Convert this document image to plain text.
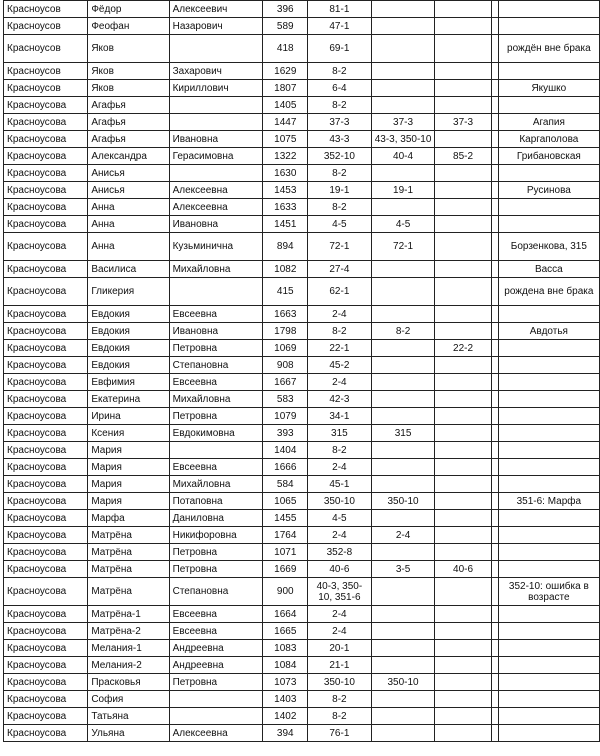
Красноусов	Фёдор	Алексеевич	396	81-1				
Красноусов	Феофан	Назарович	589	47-1				
Красноусов	Яков		418	69-1				рождён вне брака
Красноусов	Яков	Захарович	1629	8-2				
Красноусов	Яков	Кириллович	1807	6-4				Якушко
Красноусова	Агафья		1405	8-2				
Красноусова	Агафья		1447	37-3	37-3	37-3		Агапия
Красноусова	Агафья	Ивановна	1075	43-3	43-3, 350-10			Каргаполова
Красноусова	Александра	Герасимовна	1322	352-10	40-4	85-2		Грибановская
Красноусова	Анисья		1630	8-2				
Красноусова	Анисья	Алексеевна	1453	19-1	19-1			Русинова
Красноусова	Анна	Алексеевна	1633	8-2				
Красноусова	Анна	Ивановна	1451	4-5	4-5			
Красноусова	Анна	Кузьминична	894	72-1	72-1			Борзенкова, 315
Красноусова	Василиса	Михайловна	1082	27-4				Васса
Красноусова	Гликерия		415	62-1				рождена вне брака
Красноусова	Евдокия	Евсеевна	1663	2-4				
Красноусова	Евдокия	Ивановна	1798	8-2	8-2			Авдотья
Красноусова	Евдокия	Петровна	1069	22-1		22-2		
Красноусова	Евдокия	Степановна	908	45-2				
Красноусова	Евфимия	Евсеевна	1667	2-4				
Красноусова	Екатерина	Михайловна	583	42-3				
Красноусова	Ирина	Петровна	1079	34-1				
Красноусова	Ксения	Евдокимовна	393	315	315			
Красноусова	Мария		1404	8-2				
Красноусова	Мария	Евсеевна	1666	2-4				
Красноусова	Мария	Михайловна	584	45-1				
Красноусова	Мария	Потаповна	1065	350-10	350-10			351-6: Марфа
Красноусова	Марфа	Даниловна	1455	4-5				
Красноусова	Матрёна	Никифоровна	1764	2-4	2-4			
Красноусова	Матрёна	Петровна	1071	352-8				
Красноусова	Матрёна	Петровна	1669	40-6	3-5	40-6		
Красноусова	Матрёна	Степановна	900	40-3, 350-10, 351-6				352-10: ошибка в возрасте
Красноусова	Матрёна-1	Евсеевна	1664	2-4				
Красноусова	Матрёна-2	Евсеевна	1665	2-4				
Красноусова	Мелания-1	Андреевна	1083	20-1				
Красноусова	Мелания-2	Андреевна	1084	21-1				
Красноусова	Прасковья	Петровна	1073	350-10	350-10			
Красноусова	София		1403	8-2				
Красноусова	Татьяна		1402	8-2				
Красноусова	Ульяна	Алексеевна	394	76-1				
